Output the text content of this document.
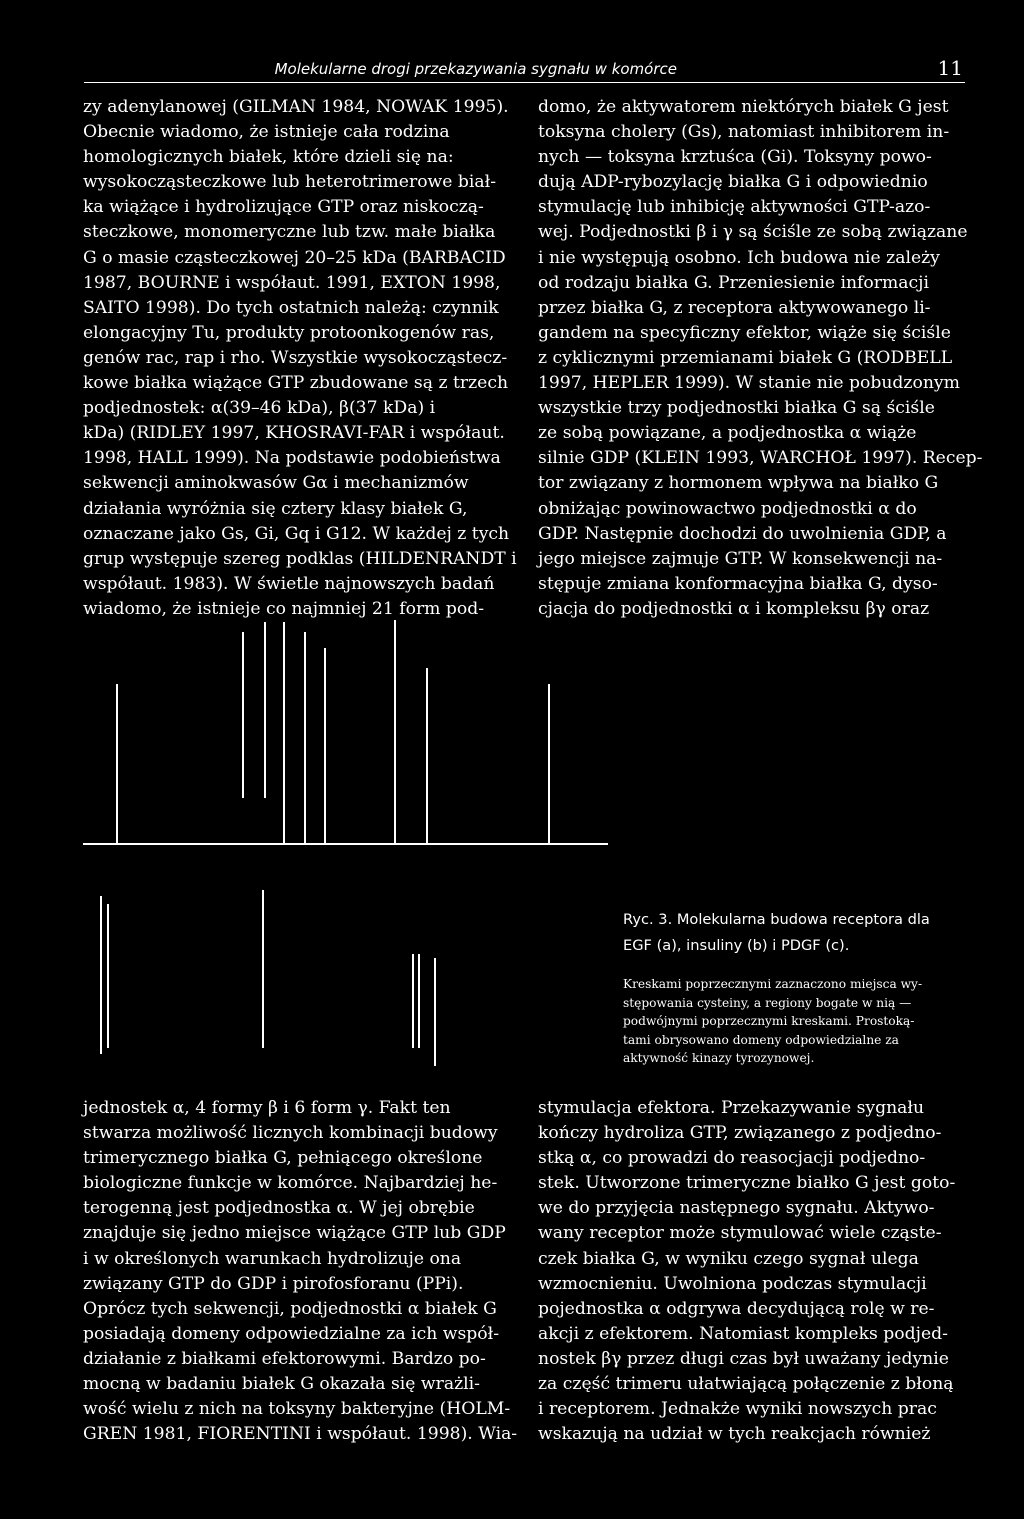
Molekularne drogi przekazywania sygnału w komórce	11
zy adenylanowej (GILMAN 1984, NOWAK 1995).
Obecnie wiadomo, że istnieje cała rodzina
homologicznych białek, które dzieli się na:
wysokocząsteczkowe lub heterotrimerowe biał-
ka wiążące i hydrolizujące GTP oraz niskoczą-
steczkowe, monomeryczne lub tzw. małe białka
G o masie cząsteczkowej 20–25 kDa (BARBACID
1987, BOURNE i współaut. 1991, EXTON 1998,
SAITO 1998). Do tych ostatnich należą: czynnik
elongacyjny Tu, produkty protoonkogenów ras,
genów rac, rap i rho. Wszystkie wysokocząstecz-
kowe białka wiążące GTP zbudowane są z trzech
podjednostek: α(39–46 kDa), β(37 kDa) i
kDa) (RIDLEY 1997, KHOSRAVI-FAR i współaut.
1998, HALL 1999). Na podstawie podobieństwa
sekwencji aminokwasów Gα i mechanizmów
działania wyróżnia się cztery klasy białek G,
oznaczane jako Gs, Gi, Gq i G12. W każdej z tych
grup występuje szereg podklas (HILDENRANDT i
współaut. 1983). W świetle najnowszych badań
wiadomo, że istnieje co najmniej 21 form pod-
domo, że aktywatorem niektórych białek G jest
toksyna cholery (Gs), natomiast inhibitorem in-
nych — toksyna krztuśca (Gi). Toksyny powo-
dują ADP-rybozylację białka G i odpowiednio
stymulację lub inhibicję aktywności GTP-azo-
wej. Podjednostki β i γ są ściśle ze sobą związane
i nie występują osobno. Ich budowa nie zależy
od rodzaju białka G. Przeniesienie informacji
przez białka G, z receptora aktywowanego li-
gandem na specyficzny efektor, wiąże się ściśle
z cyklicznymi przemianami białek G (RODBELL
1997, HEPLER 1999). W stanie nie pobudzonym
wszystkie trzy podjednostki białka G są ściśle
ze sobą powiązane, a podjednostka α wiąże
silnie GDP (KLEIN 1993, WARCHOŁ 1997). Recep-
tor związany z hormonem wpływa na białko G
obniżając powinowactwo podjednostki α do
GDP. Następnie dochodzi do uwolnienia GDP, a
jego miejsce zajmuje GTP. W konsekwencji na-
stępuje zmiana konformacyjna białka G, dyso-
cjacja do podjednostki α i kompleksu βγ oraz
Ryc. 3. Molekularna budowa receptora dla
EGF (a), insuliny (b) i PDGF (c).
Kreskami poprzecznymi zaznaczono miejsca wy-
stępowania cysteiny, a regiony bogate w nią —
podwójnymi poprzecznymi kreskami. Prostoką-
tami obrysowano domeny odpowiedzialne za
aktywność kinazy tyrozynowej.
jednostek α, 4 formy β i 6 form γ. Fakt ten
stwarza możliwość licznych kombinacji budowy
trimerycznego białka G, pełniącego określone
biologiczne funkcje w komórce. Najbardziej he-
terogenną jest podjednostka α. W jej obrębie
znajduje się jedno miejsce wiążące GTP lub GDP
i w określonych warunkach hydrolizuje ona
związany GTP do GDP i pirofosforanu (PPi).
Oprócz tych sekwencji, podjednostki α białek G
posiadają domeny odpowiedzialne za ich współ-
działanie z białkami efektorowymi. Bardzo po-
mocną w badaniu białek G okazała się wrażli-
wość wielu z nich na toksyny bakteryjne (HOLM-
GREN 1981, FIORENTINI i współaut. 1998). Wia-
stymulacja efektora. Przekazywanie sygnału
kończy hydroliza GTP, związanego z podjedno-
stką α, co prowadzi do reasocjacji podjedno-
stek. Utworzone trimeryczne białko G jest goto-
we do przyjęcia następnego sygnału. Aktywo-
wany receptor może stymulować wiele cząste-
czek białka G, w wyniku czego sygnał ulega
wzmocnieniu. Uwolniona podczas stymulacji
pojednostka α odgrywa decydującą rolę w re-
akcji z efektorem. Natomiast kompleks podjed-
nostek βγ przez długi czas był uważany jedynie
za część trimeru ułatwiającą połączenie z błoną
i receptorem. Jednakże wyniki nowszych prac
wskazują na udział w tych reakcjach również
